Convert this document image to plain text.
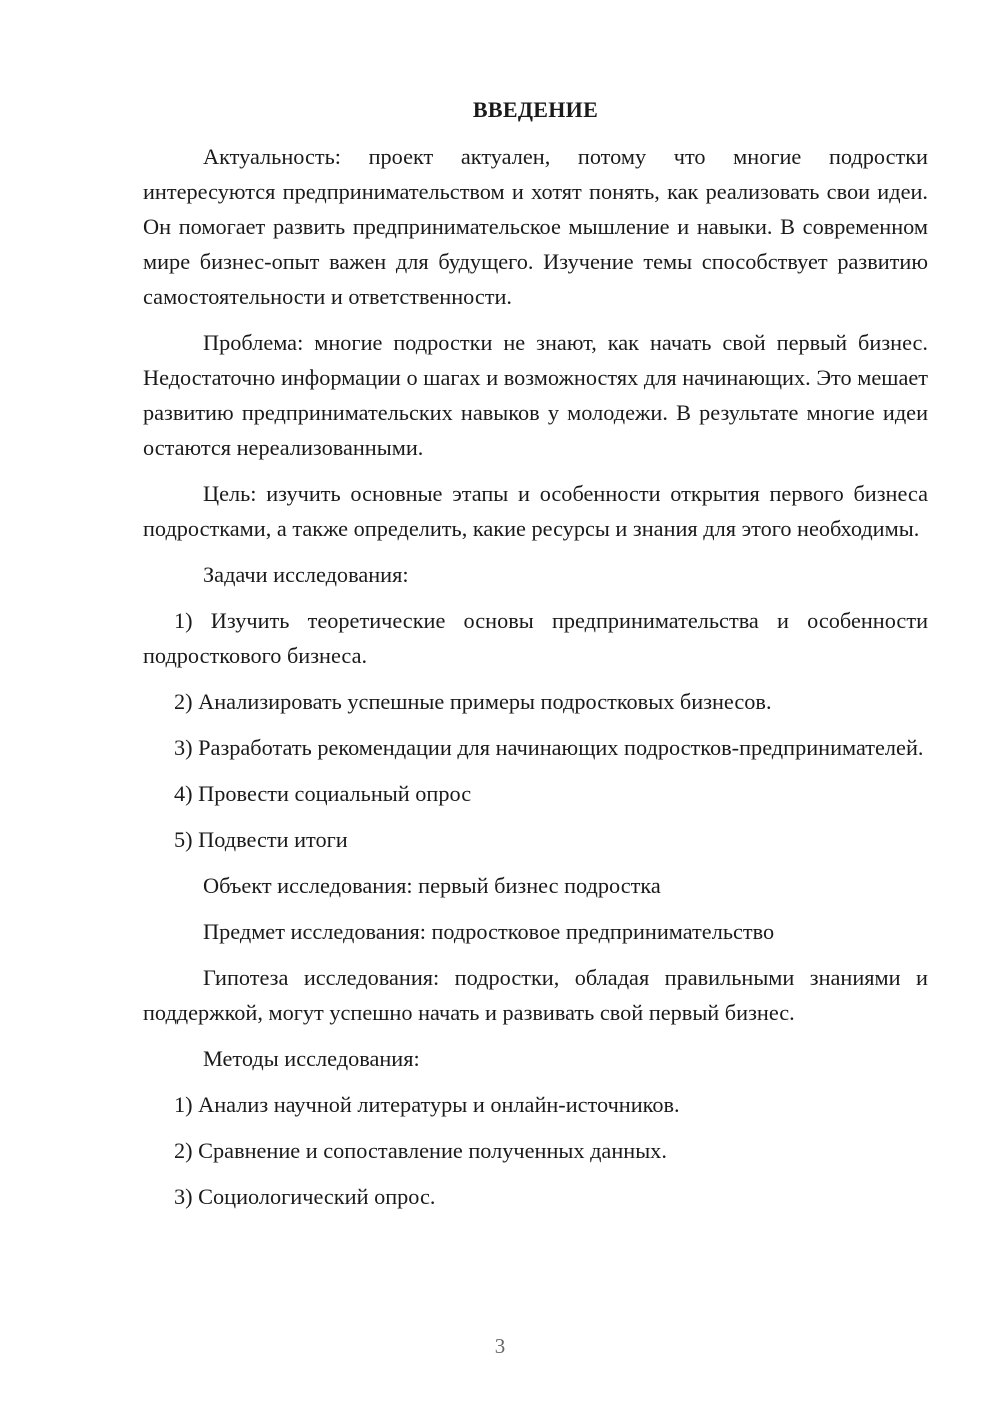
ВВЕДЕНИЕ

Актуальность: проект актуален, потому что многие подростки интересуются предпринимательством и хотят понять, как реализовать свои идеи. Он помогает развить предпринимательское мышление и навыки. В современном мире бизнес-опыт важен для будущего. Изучение темы способствует развитию самостоятельности и ответственности.

Проблема: многие подростки не знают, как начать свой первый бизнес. Недостаточно информации о шагах и возможностях для начинающих. Это мешает развитию предпринимательских навыков у молодежи. В результате многие идеи остаются нереализованными.

Цель: изучить основные этапы и особенности открытия первого бизнеса подростками, а также определить, какие ресурсы и знания для этого необходимы.

Задачи исследования:

1) Изучить теоретические основы предпринимательства и особенности подросткового бизнеса.

2) Анализировать успешные примеры подростковых бизнесов.

3) Разработать рекомендации для начинающих подростков-предпринимателей.

4) Провести социальный опрос

5) Подвести итоги

Объект исследования: первый бизнес подростка

Предмет исследования: подростковое предпринимательство

Гипотеза исследования: подростки, обладая правильными знаниями и поддержкой, могут успешно начать и развивать свой первый бизнес.

Методы исследования:

1) Анализ научной литературы и онлайн-источников.

2) Сравнение и сопоставление полученных данных.

3) Социологический опрос.

3
